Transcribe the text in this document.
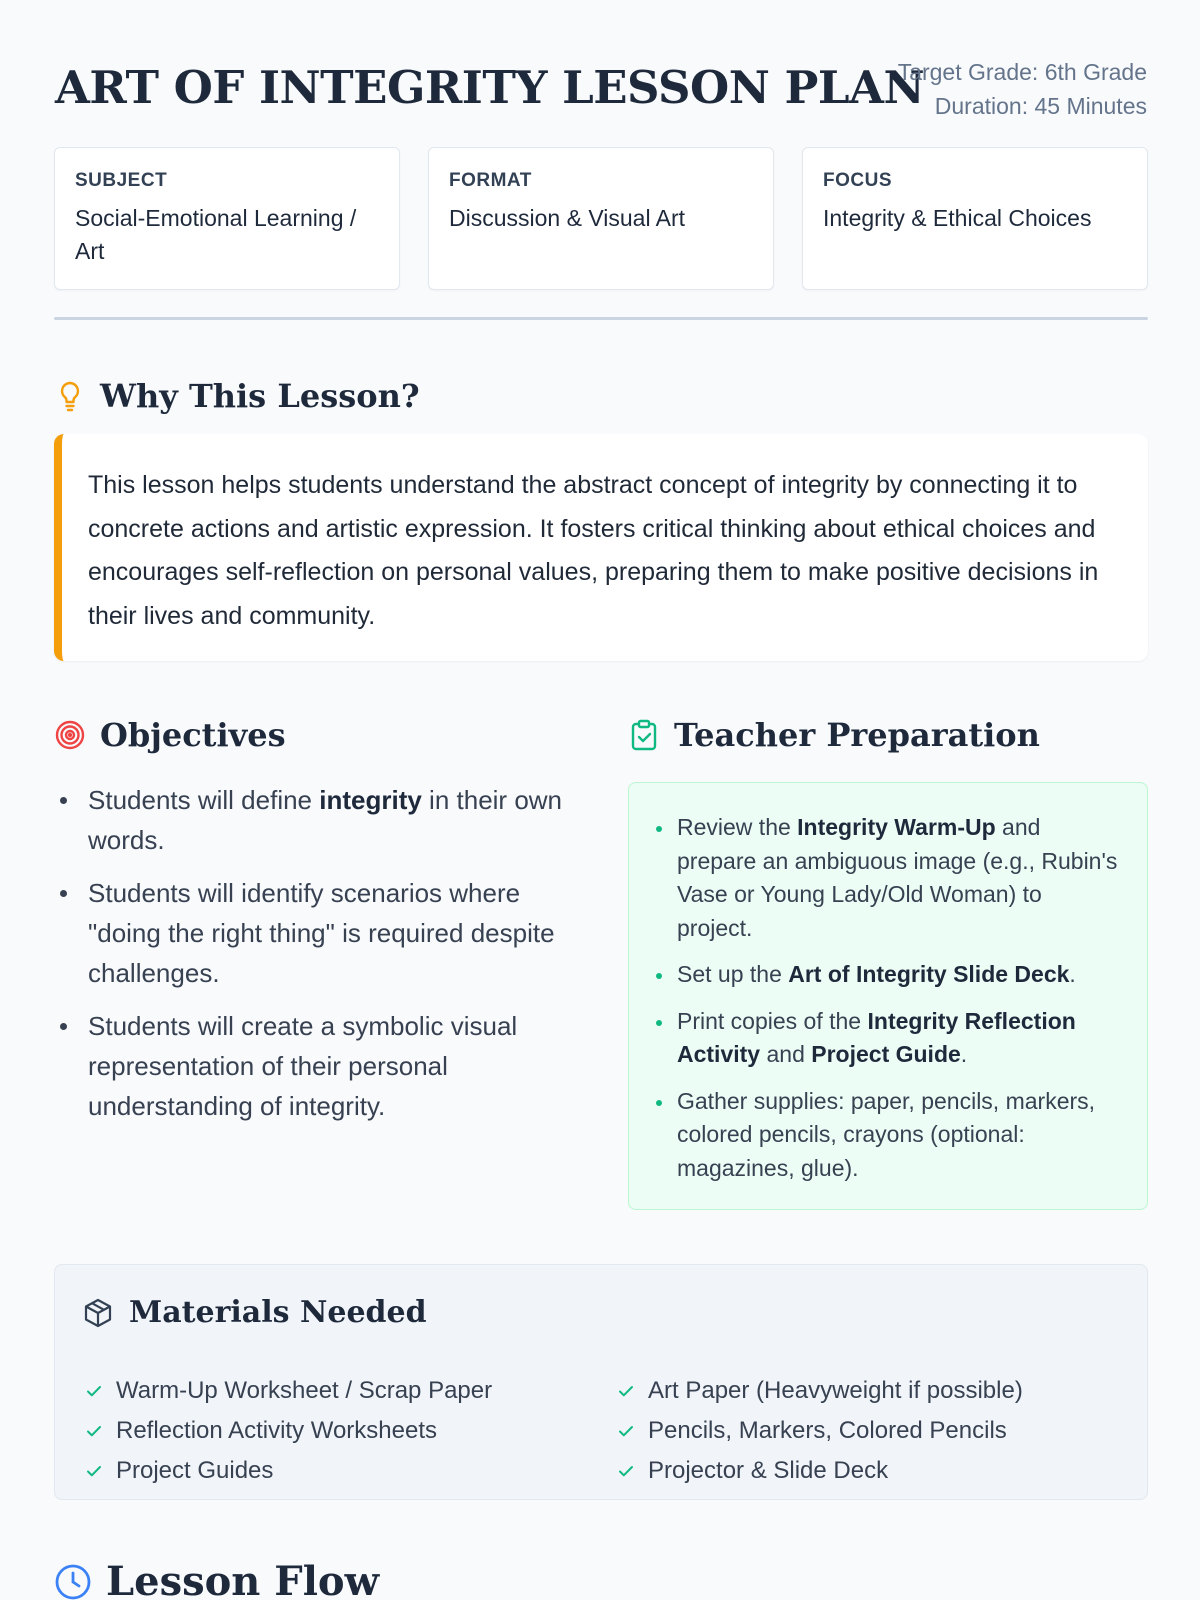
ART OF INTEGRITY LESSON PLAN
Target Grade: 6th Grade
Duration: 45 Minutes
SUBJECT
Social-Emotional Learning / Art
FORMAT
Discussion & Visual Art
FOCUS
Integrity & Ethical Choices
Why This Lesson?

This lesson helps students understand the abstract concept of integrity by connecting it to concrete actions and artistic expression. It fosters critical thinking about ethical choices and encourages self-reflection on personal values, preparing them to make positive decisions in their lives and community.

Objectives
Students will define integrity in their own words.
Students will identify scenarios where "doing the right thing" is required despite challenges.
Students will create a symbolic visual representation of their personal understanding of integrity.
Teacher Preparation
Review the Integrity Warm-Up and prepare an ambiguous image (e.g., Rubin's Vase or Young Lady/Old Woman) to project.
Set up the Art of Integrity Slide Deck.
Print copies of the Integrity Reflection Activity and Project Guide.
Gather supplies: paper, pencils, markers, colored pencils, crayons (optional: magazines, glue).
Materials Needed
Warm-Up Worksheet / Scrap Paper
Reflection Activity Worksheets
Project Guides
Art Paper (Heavyweight if possible)
Pencils, Markers, Colored Pencils
Projector & Slide Deck
Lesson Flow
